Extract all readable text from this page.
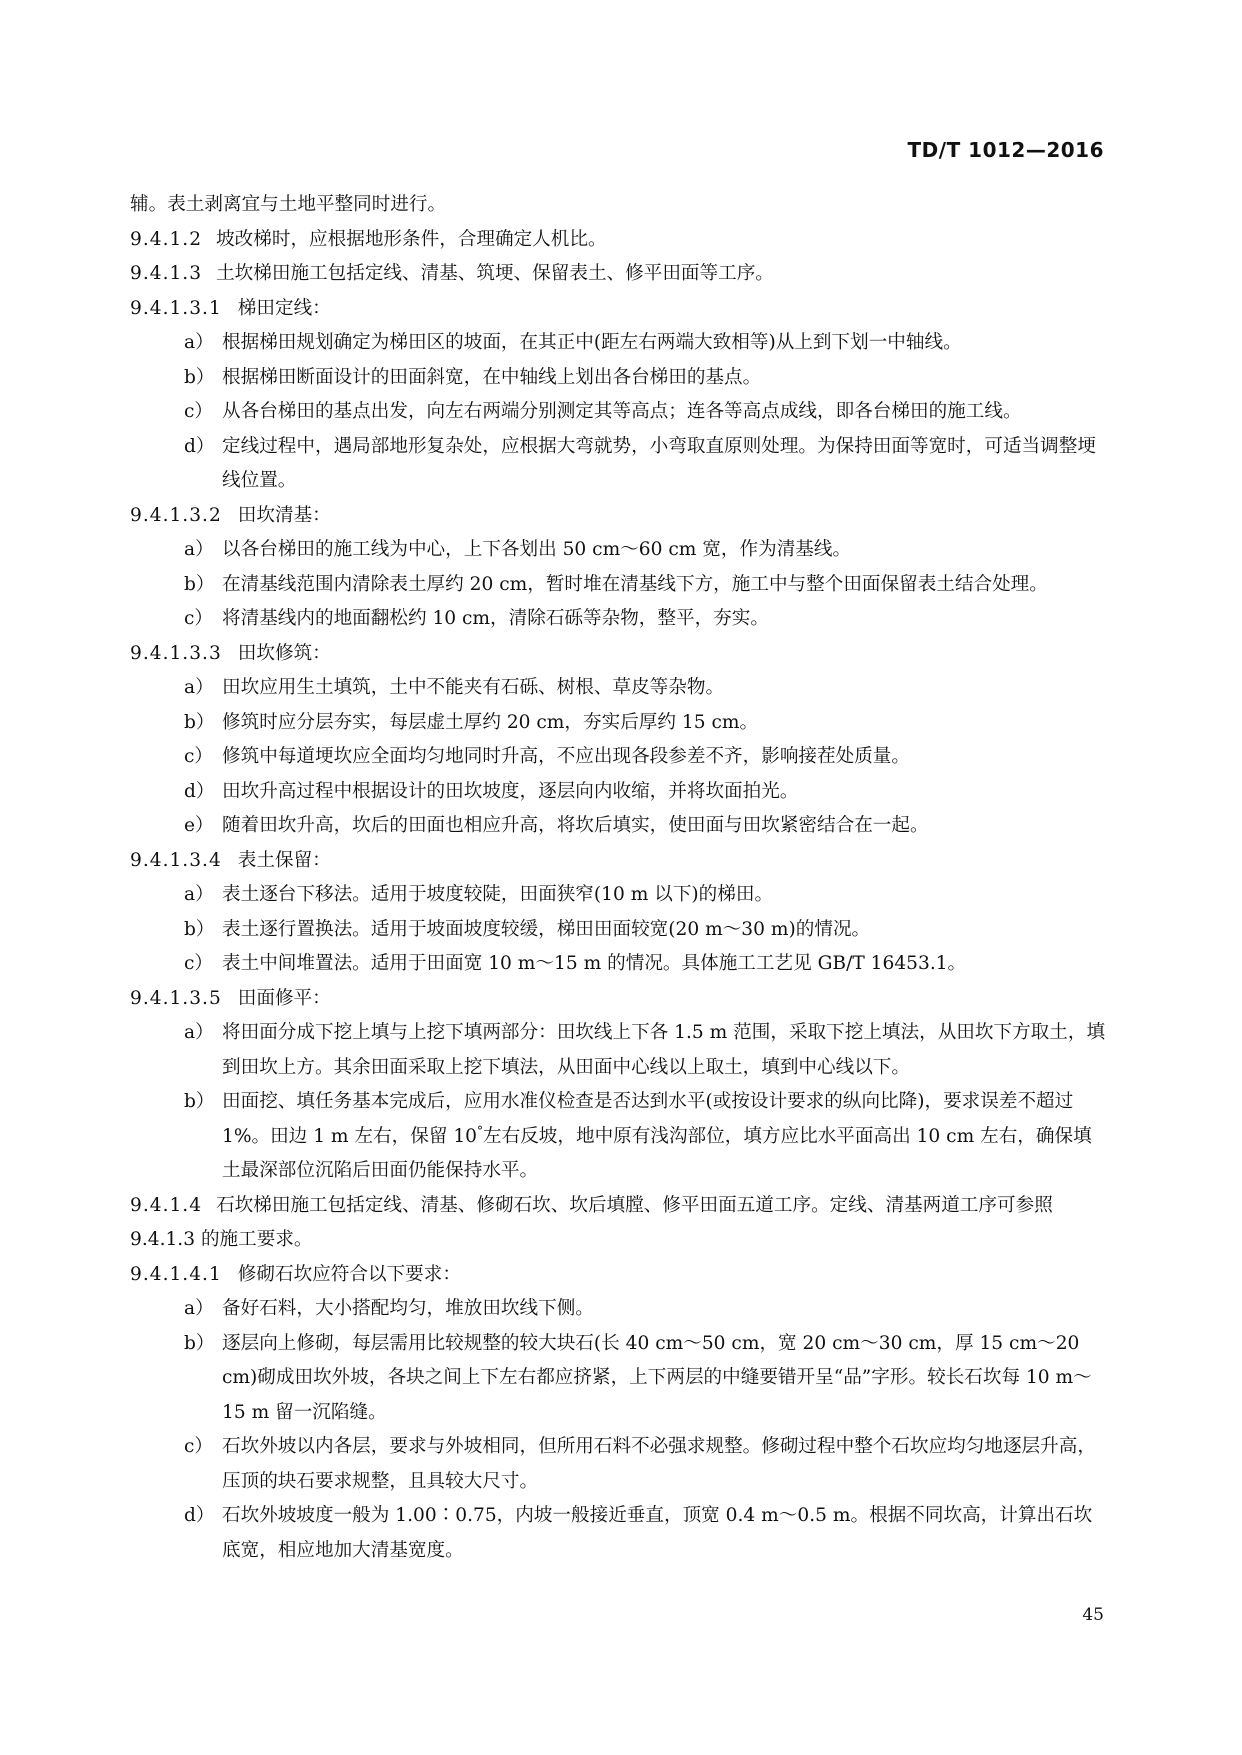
TD/T 1012—2016
辅。表土剥离宜与土地平整同时进行。
9.4.1.2 坡改梯时，应根据地形条件，合理确定人机比。
9.4.1.3 土坎梯田施工包括定线、清基、筑埂、保留表土、修平田面等工序。
9.4.1.3.1 梯田定线：
a） 根据梯田规划确定为梯田区的坡面，在其正中(距左右两端大致相等)从上到下划一中轴线。
b） 根据梯田断面设计的田面斜宽，在中轴线上划出各台梯田的基点。
c） 从各台梯田的基点出发，向左右两端分别测定其等高点；连各等高点成线，即各台梯田的施工线。
d） 定线过程中，遇局部地形复杂处，应根据大弯就势，小弯取直原则处理。为保持田面等宽时，可适当调整埂线位置。
9.4.1.3.2 田坎清基：
a） 以各台梯田的施工线为中心，上下各划出 50 cm～60 cm 宽，作为清基线。
b） 在清基线范围内清除表土厚约 20 cm，暂时堆在清基线下方，施工中与整个田面保留表土结合处理。
c） 将清基线内的地面翻松约 10 cm，清除石砾等杂物，整平，夯实。
9.4.1.3.3 田坎修筑：
a） 田坎应用生土填筑，土中不能夹有石砾、树根、草皮等杂物。
b） 修筑时应分层夯实，每层虚土厚约 20 cm，夯实后厚约 15 cm。
c） 修筑中每道埂坎应全面均匀地同时升高，不应出现各段参差不齐，影响接茬处质量。
d） 田坎升高过程中根据设计的田坎坡度，逐层向内收缩，并将坎面拍光。
e） 随着田坎升高，坎后的田面也相应升高，将坎后填实，使田面与田坎紧密结合在一起。
9.4.1.3.4 表土保留：
a） 表土逐台下移法。适用于坡度较陡，田面狭窄(10 m 以下)的梯田。
b） 表土逐行置换法。适用于坡面坡度较缓，梯田田面较宽(20 m～30 m)的情况。
c） 表土中间堆置法。适用于田面宽 10 m～15 m 的情况。具体施工工艺见 GB/T 16453.1。
9.4.1.3.5 田面修平：
a） 将田面分成下挖上填与上挖下填两部分：田坎线上下各 1.5 m 范围，采取下挖上填法，从田坎下方取土，填到田坎上方。其余田面采取上挖下填法，从田面中心线以上取土，填到中心线以下。
b） 田面挖、填任务基本完成后，应用水准仪检查是否达到水平(或按设计要求的纵向比降)，要求误差不超过 1%。田边 1 m 左右，保留 10°左右反坡，地中原有浅沟部位，填方应比水平面高出 10 cm 左右，确保填土最深部位沉陷后田面仍能保持水平。
9.4.1.4 石坎梯田施工包括定线、清基、修砌石坎、坎后填膛、修平田面五道工序。定线、清基两道工序可参照 9.4.1.3 的施工要求。
9.4.1.4.1 修砌石坎应符合以下要求：
a） 备好石料，大小搭配均匀，堆放田坎线下侧。
b） 逐层向上修砌，每层需用比较规整的较大块石(长 40 cm～50 cm，宽 20 cm～30 cm，厚 15 cm～20 cm)砌成田坎外坡，各块之间上下左右都应挤紧，上下两层的中缝要错开呈“品”字形。较长石坎每 10 m～15 m 留一沉陷缝。
c） 石坎外坡以内各层，要求与外坡相同，但所用石料不必强求规整。修砌过程中整个石坎应均匀地逐层升高，压顶的块石要求规整，且具较大尺寸。
d） 石坎外坡坡度一般为 1.00∶0.75，内坡一般接近垂直，顶宽 0.4 m～0.5 m。根据不同坎高，计算出石坎底宽，相应地加大清基宽度。
45
